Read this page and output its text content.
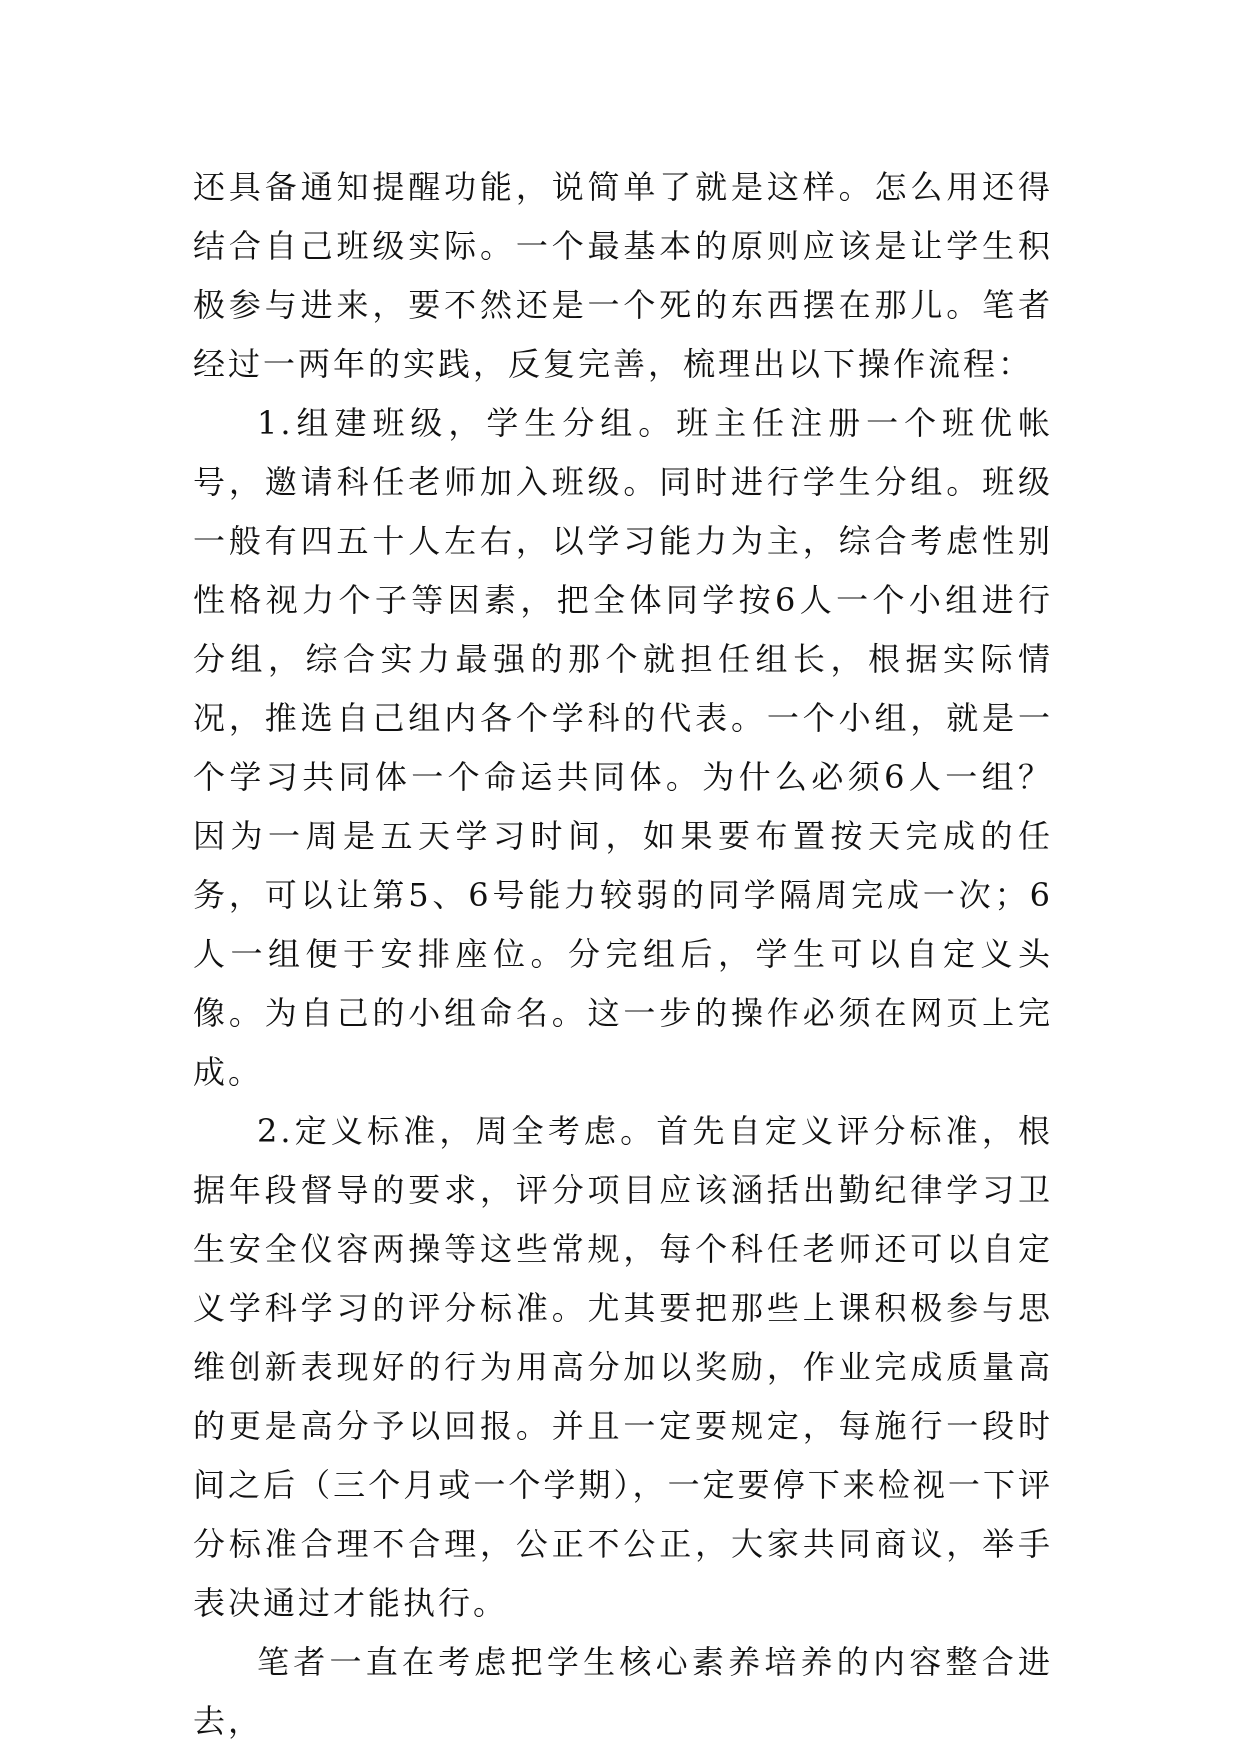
还具备通知提醒功能，说简单了就是这样。怎么用还得结合自己班级实际。一个最基本的原则应该是让学生积极参与进来，要不然还是一个死的东西摆在那儿。笔者经过一两年的实践，反复完善，梳理出以下操作流程：

1.组建班级，学生分组。班主任注册一个班优帐号，邀请科任老师加入班级。同时进行学生分组。班级一般有四五十人左右，以学习能力为主，综合考虑性别性格视力个子等因素，把全体同学按6人一个小组进行分组，综合实力最强的那个就担任组长，根据实际情况，推选自己组内各个学科的代表。一个小组，就是一个学习共同体一个命运共同体。为什么必须6人一组？因为一周是五天学习时间，如果要布置按天完成的任务，可以让第5、6号能力较弱的同学隔周完成一次；6人一组便于安排座位。分完组后，学生可以自定义头像。为自己的小组命名。这一步的操作必须在网页上完成。

2.定义标准，周全考虑。首先自定义评分标准，根据年段督导的要求，评分项目应该涵括出勤纪律学习卫生安全仪容两操等这些常规，每个科任老师还可以自定义学科学习的评分标准。尤其要把那些上课积极参与思维创新表现好的行为用高分加以奖励，作业完成质量高的更是高分予以回报。并且一定要规定，每施行一段时间之后（三个月或一个学期），一定要停下来检视一下评分标准合理不合理，公正不公正，大家共同商议，举手表决通过才能执行。

笔者一直在考虑把学生核心素养培养的内容整合进去，
